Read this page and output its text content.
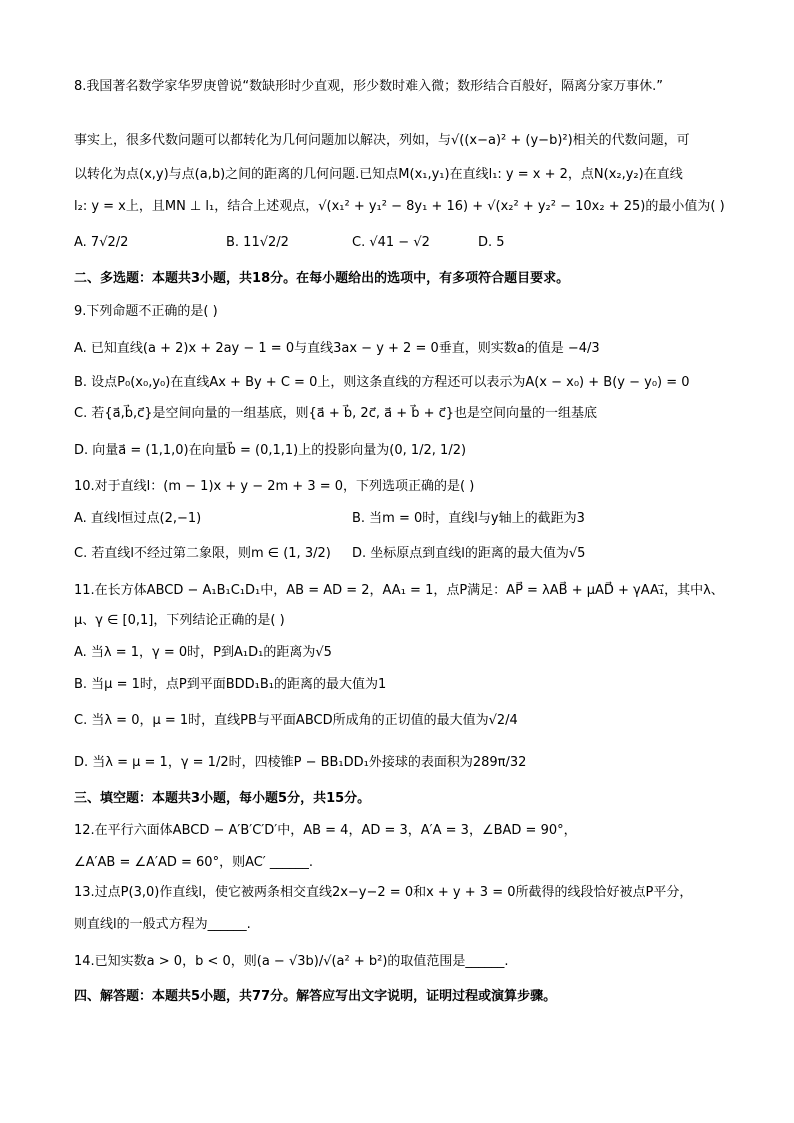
8.我国著名数学家华罗庚曾说“数缺形时少直观，形少数时难入微；数形结合百般好，隔离分家万事休.”
事实上，很多代数问题可以都转化为几何问题加以解决，列如，与√((x−a)² + (y−b)²)相关的代数问题，可
以转化为点(x,y)与点(a,b)之间的距离的几何问题.已知点M(x₁,y₁)在直线l₁: y = x + 2，点N(x₂,y₂)在直线
l₂: y = x上，且MN ⊥ l₁，结合上述观点，√(x₁² + y₁² − 8y₁ + 16) + √(x₂² + y₂² − 10x₂ + 25)的最小值为( )
A. 7√2/2	B. 11√2/2	C. √41 − √2	D. 5
二、多选题：本题共3小题，共18分。在每小题给出的选项中，有多项符合题目要求。
9.下列命题不正确的是( )
A. 已知直线(a + 2)x + 2ay − 1 = 0与直线3ax − y + 2 = 0垂直，则实数a的值是 −4/3
B. 设点P₀(x₀,y₀)在直线Ax + By + C = 0上，则这条直线的方程还可以表示为A(x − x₀) + B(y − y₀) = 0
C. 若{a⃗,b⃗,c⃗}是空间向量的一组基底，则{a⃗ + b⃗, 2c⃗, a⃗ + b⃗ + c⃗}也是空间向量的一组基底
D. 向量a⃗ = (1,1,0)在向量b⃗ = (0,1,1)上的投影向量为(0, 1/2, 1/2)
10.对于直线l：(m − 1)x + y − 2m + 3 = 0，下列选项正确的是( )
A. 直线l恒过点(2,−1)	B. 当m = 0时，直线l与y轴上的截距为3
C. 若直线l不经过第二象限，则m ∈ (1, 3/2) D. 坐标原点到直线l的距离的最大值为√5
11.在长方体ABCD − A₁B₁C₁D₁中，AB = AD = 2，AA₁ = 1，点P满足：AP⃗ = λAB⃗ + μAD⃗ + γAA₁⃗，其中λ、
μ、γ ∈ [0,1]，下列结论正确的是( )
A. 当λ = 1，γ = 0时，P到A₁D₁的距离为√5
B. 当μ = 1时，点P到平面BDD₁B₁的距离的最大值为1
C. 当λ = 0，μ = 1时，直线PB与平面ABCD所成角的正切值的最大值为√2/4
D. 当λ = μ = 1，γ = 1/2时，四棱锥P − BB₁DD₁外接球的表面积为289π/32
三、填空题：本题共3小题，每小题5分，共15分。
12.在平行六面体ABCD − A′B′C′D′中，AB = 4，AD = 3，A′A = 3，∠BAD = 90°，
∠A′AB = ∠A′AD = 60°，则AC′ ______.
13.过点P(3,0)作直线l，使它被两条相交直线2x−y−2 = 0和x + y + 3 = 0所截得的线段恰好被点P平分，
则直线l的一般式方程为______.
14.已知实数a > 0，b < 0，则(a − √3b)/√(a² + b²)的取值范围是______.
四、解答题：本题共5小题，共77分。解答应写出文字说明，证明过程或演算步骤。
